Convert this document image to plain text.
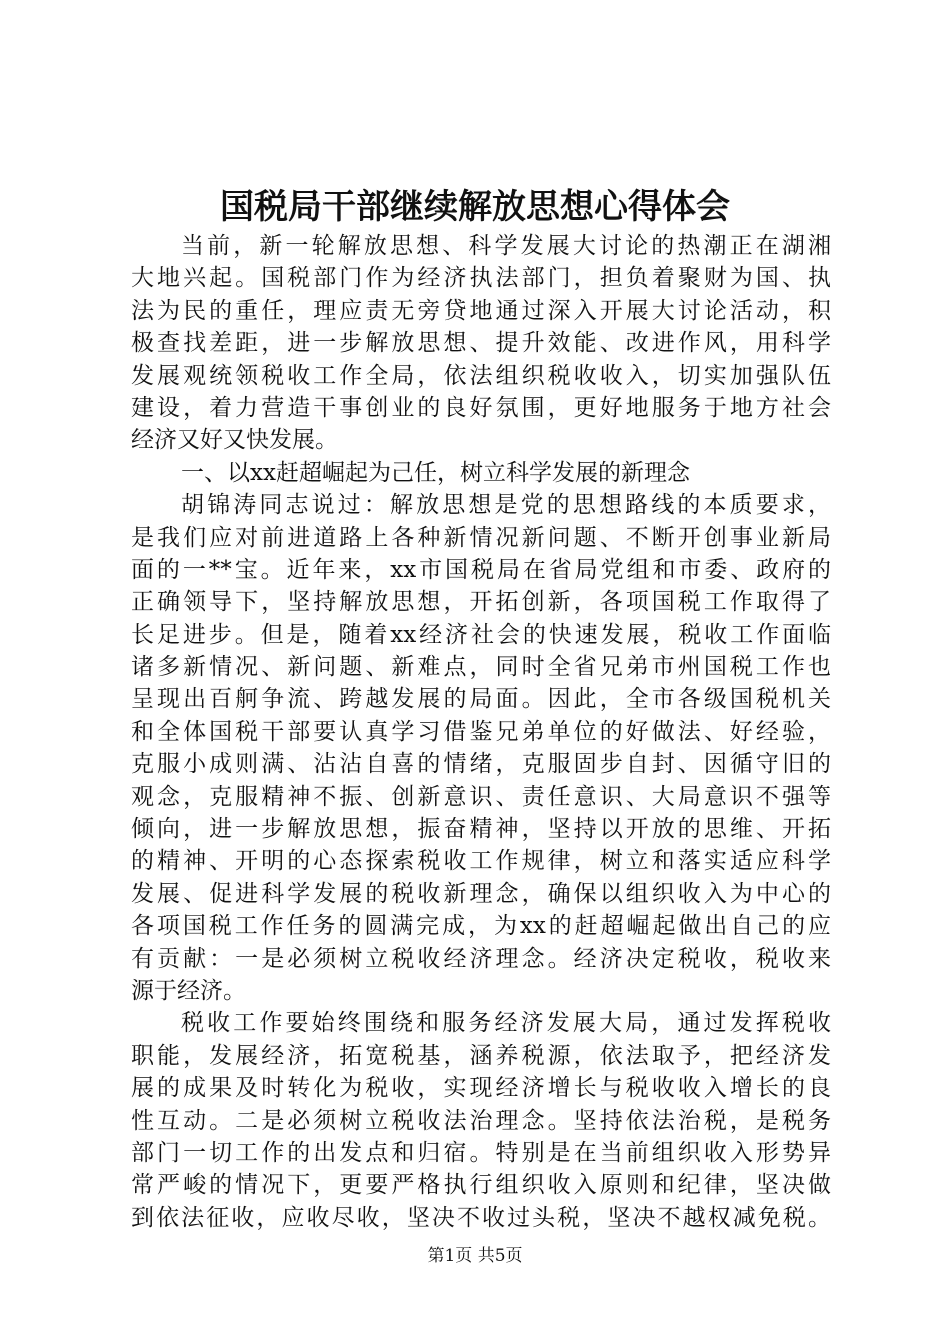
国税局干部继续解放思想心得体会
当前，新一轮解放思想、科学发展大讨论的热潮正在湖湘
大地兴起。国税部门作为经济执法部门，担负着聚财为国、执
法为民的重任，理应责无旁贷地通过深入开展大讨论活动，积
极查找差距，进一步解放思想、提升效能、改进作风，用科学
发展观统领税收工作全局，依法组织税收收入，切实加强队伍
建设，着力营造干事创业的良好氛围，更好地服务于地方社会
经济又好又快发展。
一、以xx赶超崛起为己任，树立科学发展的新理念
胡锦涛同志说过：解放思想是党的思想路线的本质要求，
是我们应对前进道路上各种新情况新问题、不断开创事业新局
面的一**宝。近年来，xx市国税局在省局党组和市委、政府的
正确领导下，坚持解放思想，开拓创新，各项国税工作取得了
长足进步。但是，随着xx经济社会的快速发展，税收工作面临
诸多新情况、新问题、新难点，同时全省兄弟市州国税工作也
呈现出百舸争流、跨越发展的局面。因此，全市各级国税机关
和全体国税干部要认真学习借鉴兄弟单位的好做法、好经验，
克服小成则满、沾沾自喜的情绪，克服固步自封、因循守旧的
观念，克服精神不振、创新意识、责任意识、大局意识不强等
倾向，进一步解放思想，振奋精神，坚持以开放的思维、开拓
的精神、开明的心态探索税收工作规律，树立和落实适应科学
发展、促进科学发展的税收新理念，确保以组织收入为中心的
各项国税工作任务的圆满完成，为xx的赶超崛起做出自己的应
有贡献：一是必须树立税收经济理念。经济决定税收，税收来
源于经济。
税收工作要始终围绕和服务经济发展大局，通过发挥税收
职能，发展经济，拓宽税基，涵养税源，依法取予，把经济发
展的成果及时转化为税收，实现经济增长与税收收入增长的良
性互动。二是必须树立税收法治理念。坚持依法治税，是税务
部门一切工作的出发点和归宿。特别是在当前组织收入形势异
常严峻的情况下，更要严格执行组织收入原则和纪律，坚决做
到依法征收，应收尽收，坚决不收过头税，坚决不越权减免税。
第1页 共5页
